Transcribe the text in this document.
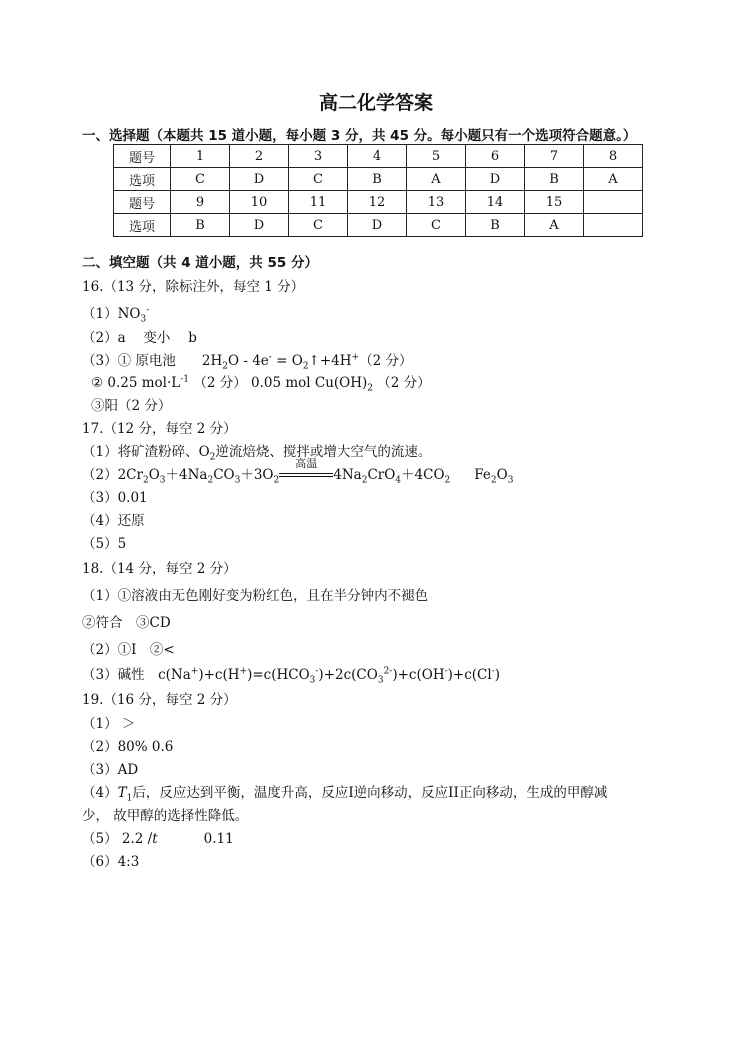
高二化学答案
一、选择题（本题共 15 道小题，每小题 3 分，共 45 分。每小题只有一个选项符合题意。）
题号	1	2	3	4	5	6	7	8
选项	C	D	C	B	A	D	B	A
题号	9	10	11	12	13	14	15	
选项	B	D	C	D	C	B	A	
二、填空题（共 4 道小题，共 55 分）
16.（13 分，除标注外，每空 1 分）
$(1)NO_3^-$
（2）a　 变小　 b
（3）① 原电池 $2H_2O - 4e^-$ = $O_2↑+4H^+(2$ 分）
② 0.25 $mol\cdot L^{-1}$ （2 分） 0.05 mol $Cu(OH)_2$ （2 分）
③阳（2 分）
17.（12 分，每空 2 分）
（1）将矿渣粉碎、$O_2$逆流焙烧、搅拌或增大空气的流速。
$(2)2Cr_2O_3+4Na_2CO_3+3O_2$
高温
$4Na_2CrO_4+4CO_2$ $Fe_2O_3$
（3）0.01
（4）还原
（5）5
18.（14 分，每空 2 分）
（1）①溶液由无色刚好变为粉红色，且在半分钟内不褪色
②符合　③CD
（2）①I　②<
（3）碱性　$c(Na^+)+c(H^+)=c(HCO_3^-)+2c(CO_3^{2-})+c(OH^-)+c(Cl^-)$
19.（16 分，每空 2 分）
（1） ＞
（2）80% 0.6
（3）AD
$(4)T_1$后，反应达到平衡，温度升高，反应I逆向移动，反应II正向移动，生成的甲醇减
少， 故甲醇的选择性降低。
（5） 2.2 /t	0.11
（6）4:3
